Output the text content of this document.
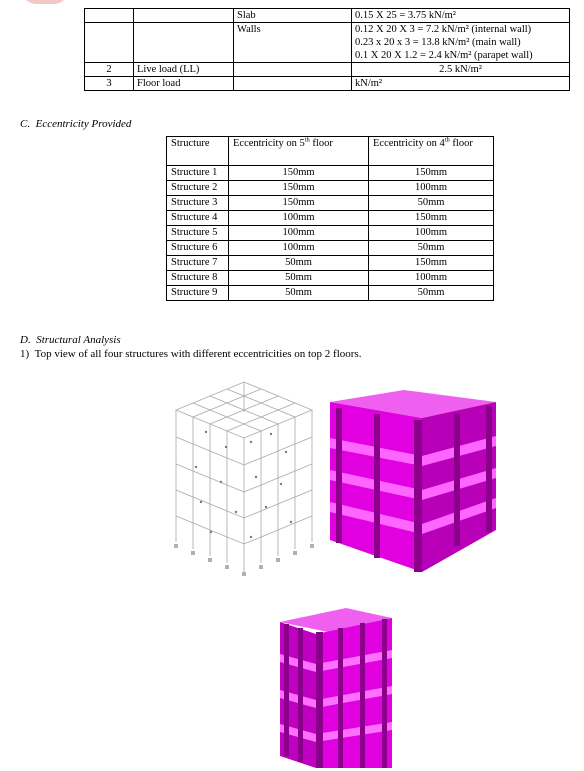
		Slab	0.15 X 25 = 3.75 kN/m²
		Walls	0.12 X 20 X 3 = 7.2 kN/m² (internal wall)
0.23 x 20 x 3 = 13.8 kN/m² (main wall)
0.1 X 20 X 1.2 = 2.4 kN/m² (parapet wall)

2	Live load (LL)		2.5 kN/m²
3	Floor load		kN/m²
C. Eccentricity Provided
Structure	Eccentricity on 5th floor	Eccentricity on 4th floor
Structure 1	150mm	150mm
Structure 2	150mm	100mm
Structure 3	150mm	50mm
Structure 4	100mm	150mm
Structure 5	100mm	100mm
Structure 6	100mm	50mm
Structure 7	50mm	150mm
Structure 8	50mm	100mm
Structure 9	50mm	50mm
D. Structural Analysis
1) Top view of all four structures with different eccentricities on top 2 floors.
